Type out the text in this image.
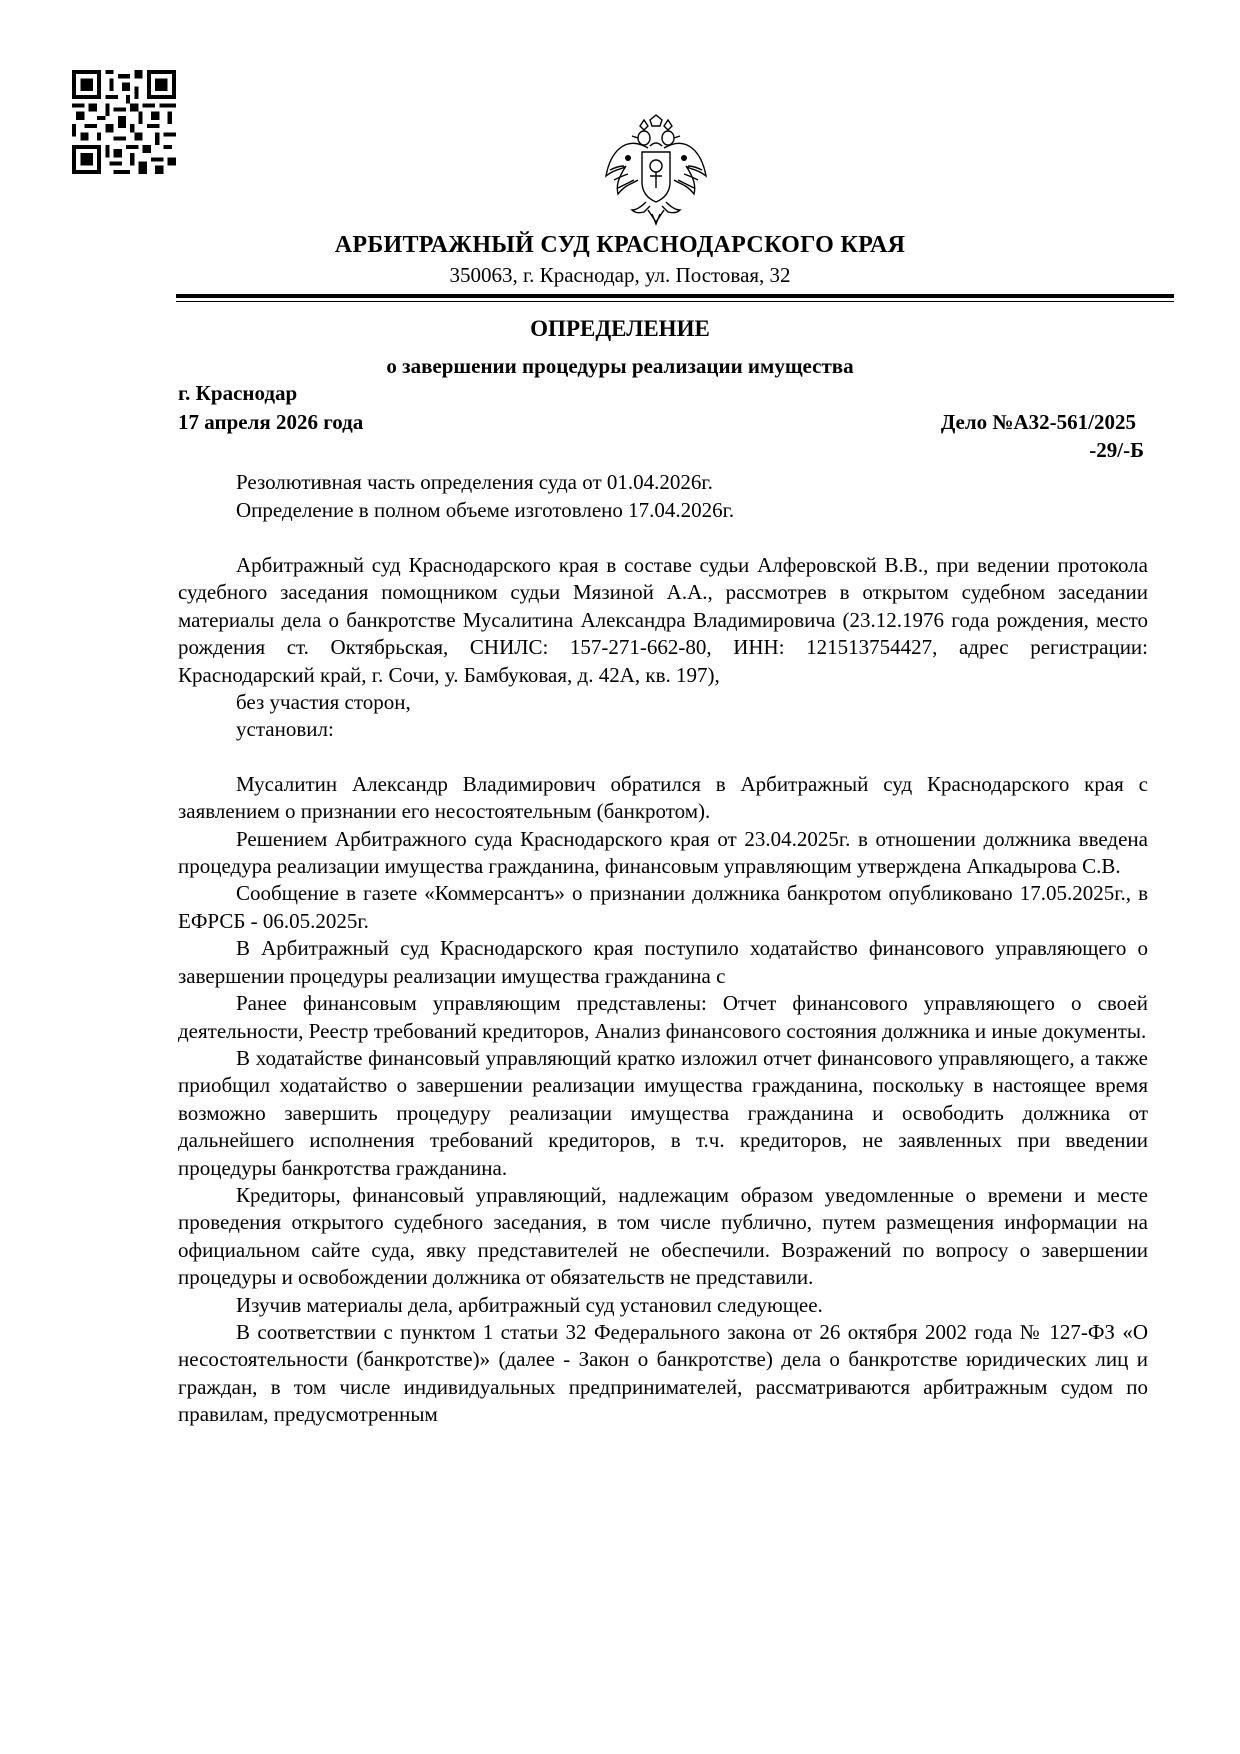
АРБИТРАЖНЫЙ СУД КРАСНОДАРСКОГО КРАЯ
350063, г. Краснодар, ул. Постовая, 32
ОПРЕДЕЛЕНИЕ
о завершении процедуры реализации имущества
г. Краснодар
17 апреля 2026 года	Дело №А32-561/2025
-29/-Б

Резолютивная часть определения суда от 01.04.2026г.

Определение в полном объеме изготовлено 17.04.2026г.

Арбитражный суд Краснодарского края в составе судьи Алферовской В.В., при ведении протокола судебного заседания помощником судьи Мязиной А.А., рассмотрев в открытом судебном заседании материалы дела о банкротстве Мусалитина Александра Владимировича (23.12.1976 года рождения, место рождения ст. Октябрьская, СНИЛС: 157-271-662-80, ИНН: 121513754427, адрес регистрации: Краснодарский край, г. Сочи, у. Бамбуковая, д. 42А, кв. 197),

без участия сторон,

установил:

Мусалитин Александр Владимирович обратился в Арбитражный суд Краснодарского края с заявлением о признании его несостоятельным (банкротом).

Решением Арбитражного суда Краснодарского края от 23.04.2025г. в отношении должника введена процедура реализации имущества гражданина, финансовым управляющим утверждена Апкадырова С.В.

Сообщение в газете «Коммерсантъ» о признании должника банкротом опубликовано 17.05.2025г., в ЕФРСБ - 06.05.2025г.

В Арбитражный суд Краснодарского края поступило ходатайство финансового управляющего о завершении процедуры реализации имущества гражданина с

Ранее финансовым управляющим представлены: Отчет финансового управляющего о своей деятельности, Реестр требований кредиторов, Анализ финансового состояния должника и иные документы.

В ходатайстве финансовый управляющий кратко изложил отчет финансового управляющего, а также приобщил ходатайство о завершении реализации имущества гражданина, поскольку в настоящее время возможно завершить процедуру реализации имущества гражданина и освободить должника от дальнейшего исполнения требований кредиторов, в т.ч. кредиторов, не заявленных при введении процедуры банкротства гражданина.

Кредиторы, финансовый управляющий, надлежацим образом уведомленные о времени и месте проведения открытого судебного заседания, в том числе публично, путем размещения информации на официальном сайте суда, явку представителей не обеспечили. Возражений по вопросу о завершении процедуры и освобождении должника от обязательств не представили.

Изучив материалы дела, арбитражный суд установил следующее.

В соответствии с пунктом 1 статьи 32 Федерального закона от 26 октября 2002 года № 127-ФЗ «О несостоятельности (банкротстве)» (далее - Закон о банкротстве) дела о банкротстве юридических лиц и граждан, в том числе индивидуальных предпринимателей, рассматриваются арбитражным судом по правилам, предусмотренным
